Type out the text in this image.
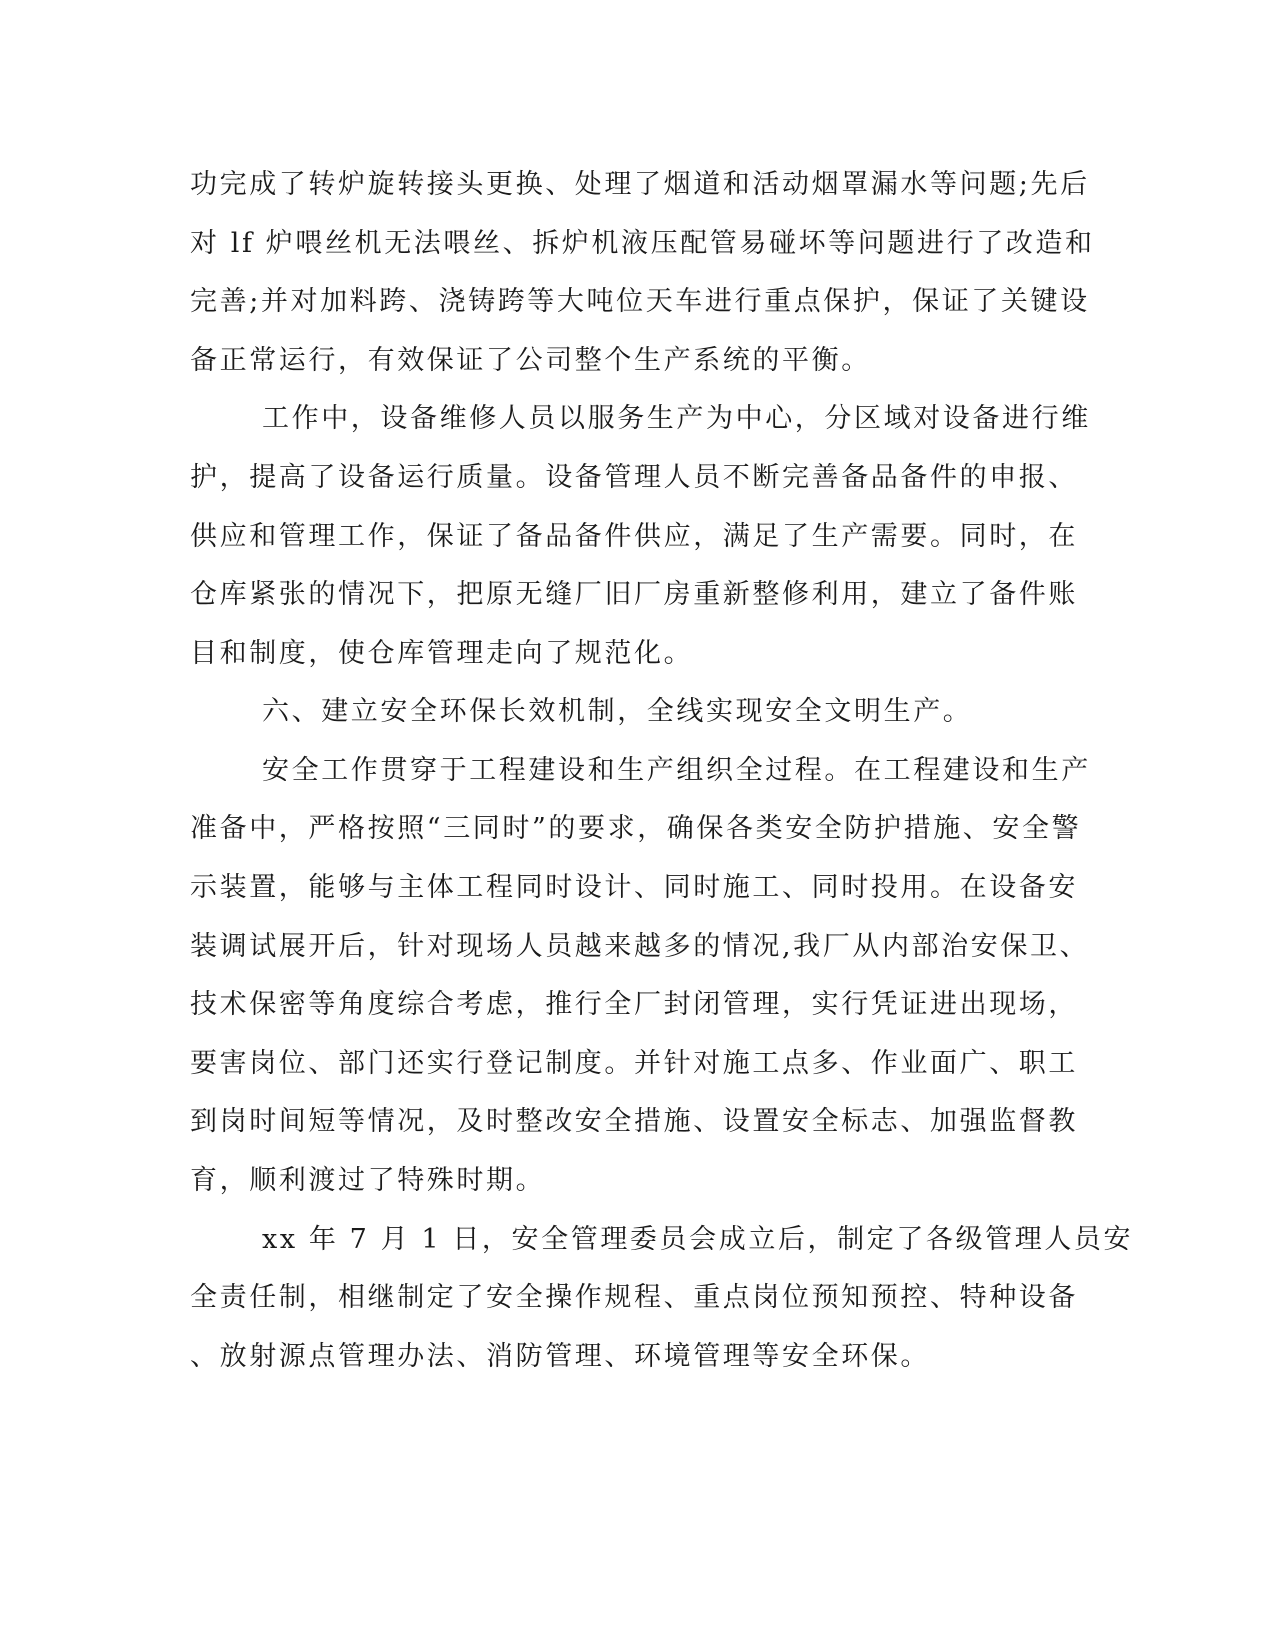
功完成了转炉旋转接头更换、处理了烟道和活动烟罩漏水等问题;先后

对 lf 炉喂丝机无法喂丝、拆炉机液压配管易碰坏等问题进行了改造和

完善;并对加料跨、浇铸跨等大吨位天车进行重点保护，保证了关键设

备正常运行，有效保证了公司整个生产系统的平衡。

工作中，设备维修人员以服务生产为中心，分区域对设备进行维

护，提高了设备运行质量。设备管理人员不断完善备品备件的申报、

供应和管理工作，保证了备品备件供应，满足了生产需要。同时，在

仓库紧张的情况下，把原无缝厂旧厂房重新整修利用，建立了备件账

目和制度，使仓库管理走向了规范化。

六、建立安全环保长效机制，全线实现安全文明生产。

安全工作贯穿于工程建设和生产组织全过程。在工程建设和生产

准备中，严格按照“三同时”的要求，确保各类安全防护措施、安全警

示装置，能够与主体工程同时设计、同时施工、同时投用。在设备安

装调试展开后，针对现场人员越来越多的情况,我厂从内部治安保卫、

技术保密等角度综合考虑，推行全厂封闭管理，实行凭证进出现场，

要害岗位、部门还实行登记制度。并针对施工点多、作业面广、职工

到岗时间短等情况，及时整改安全措施、设置安全标志、加强监督教

育，顺利渡过了特殊时期。

xx 年 7 月 1 日，安全管理委员会成立后，制定了各级管理人员安

全责任制，相继制定了安全操作规程、重点岗位预知预控、特种设备

、放射源点管理办法、消防管理、环境管理等安全环保。
